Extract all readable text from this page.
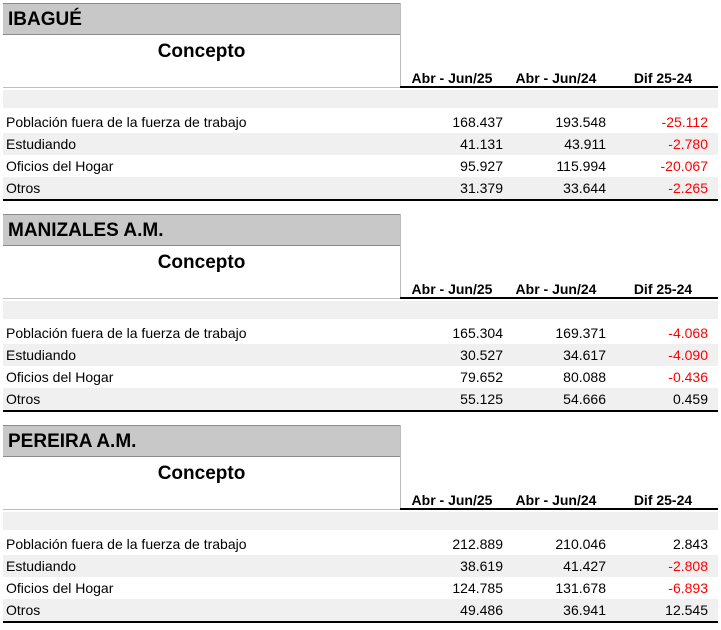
IBAGUÉ
Concepto
Abr - Jun/25	Abr - Jun/24	Dif 25-24
Población fuera de la fuerza de trabajo	168.437	193.548	-25.112
Estudiando	41.131	43.911	-2.780
Oficios del Hogar	95.927	115.994	-20.067
Otros	31.379	33.644	-2.265
MANIZALES A.M.
Concepto
Abr - Jun/25	Abr - Jun/24	Dif 25-24
Población fuera de la fuerza de trabajo	165.304	169.371	-4.068
Estudiando	30.527	34.617	-4.090
Oficios del Hogar	79.652	80.088	-0.436
Otros	55.125	54.666	0.459
PEREIRA A.M.
Concepto
Abr - Jun/25	Abr - Jun/24	Dif 25-24
Población fuera de la fuerza de trabajo	212.889	210.046	2.843
Estudiando	38.619	41.427	-2.808
Oficios del Hogar	124.785	131.678	-6.893
Otros	49.486	36.941	12.545
